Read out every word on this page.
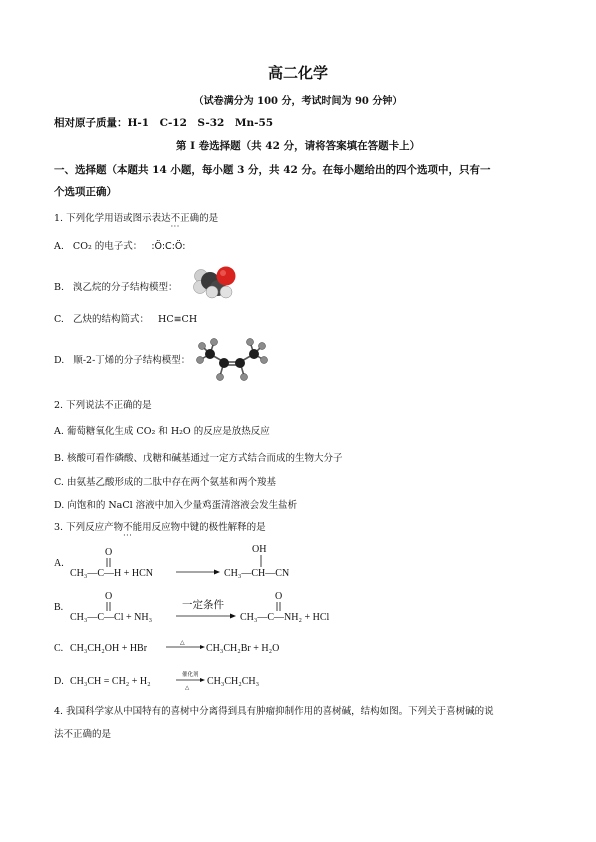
高二化学
（试卷满分为 100 分，考试时间为 90 分钟）
相对原子质量：H-1　C-12　S-32　Mn-55
第 I 卷选择题（共 42 分，请将答案填在答题卡上）
一、选择题（本题共 14 小题，每小题 3 分，共 42 分。在每小题给出的四个选项中，只有一
个选项正确）
1. 下列化学用语或图示表达不正确 · · ·的是
A. CO₂ 的电子式： :Ö:C:Ö:
B. 溴乙烷的分子结构模型：
C. 乙炔的结构简式： HC≡CH
D. 顺-2-丁烯的分子结构模型：
2. 下列说法不正确的是
A. 葡萄糖氧化生成 CO₂ 和 H₂O 的反应是放热反应
B. 核酸可看作磷酸、戊糖和碱基通过一定方式结合而成的生物大分子
C. 由氨基乙酸形成的二肽中存在两个氨基和两个羧基
D. 向饱和的 NaCl 溶液中加入少量鸡蛋清溶液会发生盐析
3. 下列反应产物不能 · · ·用反应物中键的极性解释的是
A.
CH₃—C—H + HCN
O
CH₃—CH—CN
OH
B.
CH₃—C—Cl + NH₃
O
一定条件
CH₃—C—NH₂ + HCl
O
C. CH₃CH₂OH + HBr	△ CH₃CH₂Br + H₂O
D. CH₃CH = CH₂ + H₂
催化剂
△
CH₃CH₂CH₃
4. 我国科学家从中国特有的喜树中分离得到具有肿瘤抑制作用的喜树碱，结构如图。下列关于喜树碱的说
法不正确的是
